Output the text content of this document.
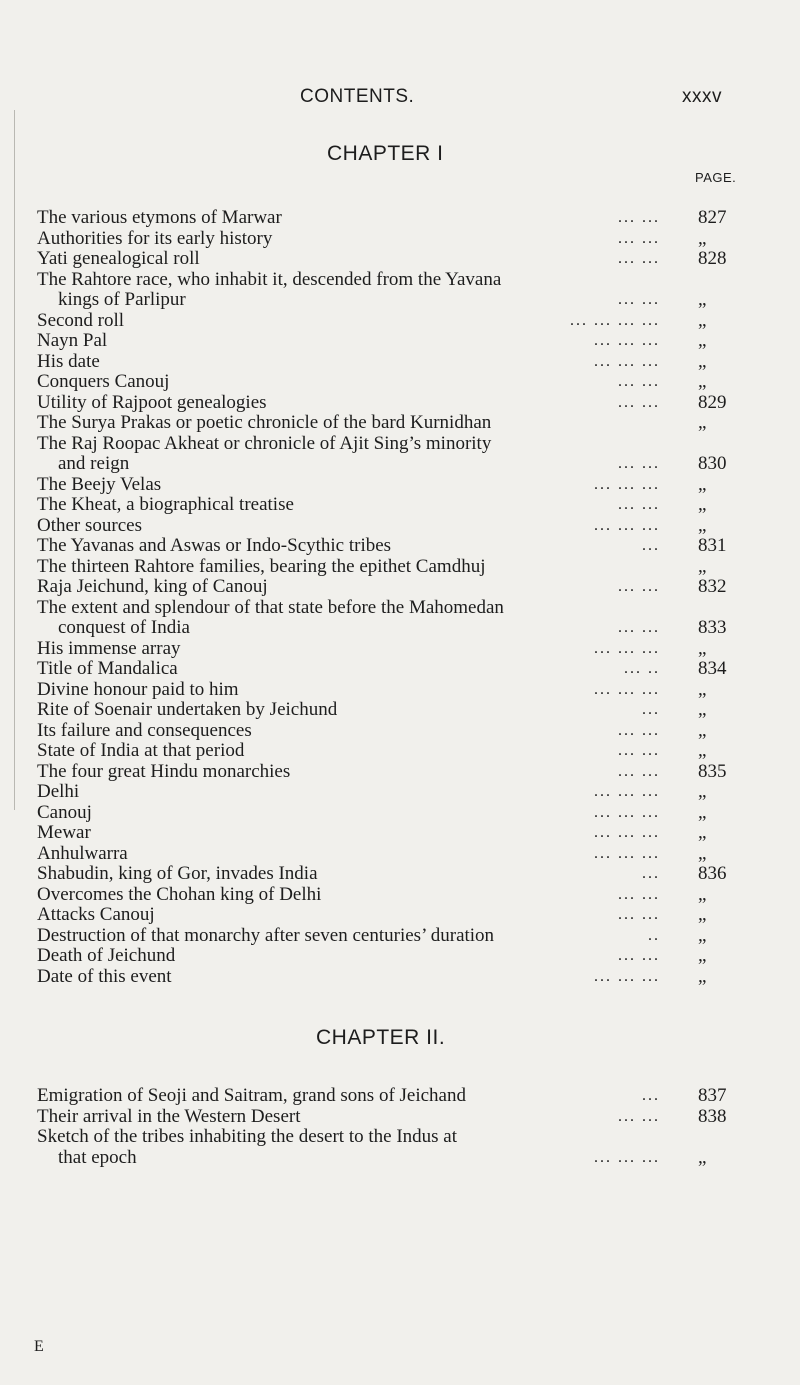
CONTENTS.	xxxv
CHAPTER I
PAGE.
The various etymons of Marwar	... ... 827
Authorities for its early history	... ... „
Yati genealogical roll	... ... 828
The Rahtore race, who inhabit it, descended from the Yavana
kings of Parlipur	... ... „
Second roll	... ... ... ... „
Nayn Pal	... ... ... „
His date	... ... ... „
Conquers Canouj	... ... „
Utility of Rajpoot genealogies	... ... 829
The Surya Prakas or poetic chronicle of the bard Kurnidhan	„
The Raj Roopac Akheat or chronicle of Ajit Sing’s minority
and reign	... ... 830
The Beejy Velas	... ... ... „
The Kheat, a biographical treatise	... ... „
Other sources	... ... ... „
The Yavanas and Aswas or Indo-Scythic tribes	... 831
The thirteen Rahtore families, bearing the epithet Camdhuj	„
Raja Jeichund, king of Canouj	... ... 832
The extent and splendour of that state before the Mahomedan
conquest of India	... ... 833
His immense array	... ... ... „
Title of Mandalica	... .. 834
Divine honour paid to him	... ... ... „
Rite of Soenair undertaken by Jeichund	... „
Its failure and consequences	... ... „
State of India at that period	... ... „
The four great Hindu monarchies	... ... 835
Delhi	... ... ... „
Canouj	... ... ... „
Mewar	... ... ... „
Anhulwarra	... ... ... „
Shabudin, king of Gor, invades India	... 836
Overcomes the Chohan king of Delhi	... ... „
Attacks Canouj	... ... „
Destruction of that monarchy after seven centuries’ duration	.. „
Death of Jeichund	... ... „
Date of this event	... ... ... „
CHAPTER II.
Emigration of Seoji and Saitram, grand sons of Jeichand	... 837
Their arrival in the Western Desert	... ... 838
Sketch of the tribes inhabiting the desert to the Indus at
that epoch	... ... ... „
E
